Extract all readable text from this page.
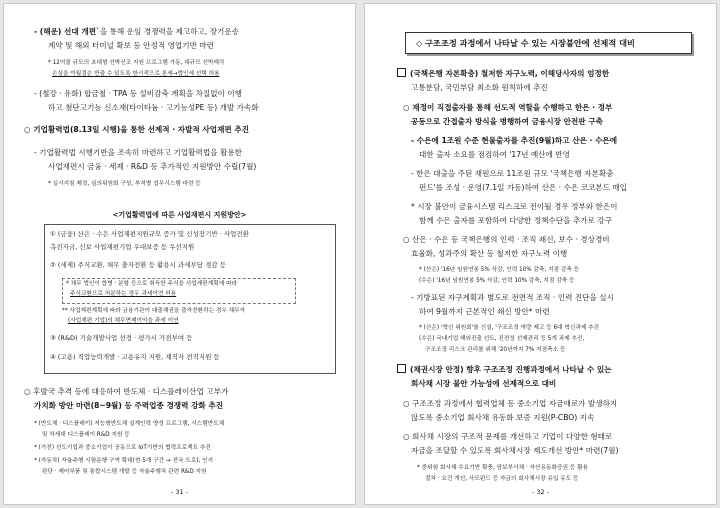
- (해운) 선대 개편`을 통해 운임 경쟁력을 제고하고, 장기운송
계약 및 해외 터미널 확보 등 안정적 영업기반 마련
* 12억불 규모의 초대형 선박신조 지원 프로그램 가동, 대규모 선박매각
손실을 이월결손 반출 수 있도록 한시적으로 론세→법인세 선택 허용
- (철강 · 유화) 합금철 · TPA 등 설비감축 계획을 차질없이 이행
하고 첨단고기능 신소재(타이타늄 · 고기능성PE 등) 개발 가속화
○ 기업활력법(8.13일 시행)을 통한 선제적 · 자발적 사업재편 추진
- 기업활력법 시행기반을 조속히 마련하고 기업활력법을 활용한
사업재편시 금융 · 세제 · R&D 등 추가적인 지원방안 수립(7월)
* 실시지침 제정, 심의위원회 구성, 부처별 업무시스템 마련 등
<기업활력법에 따른 사업재편시 지원방안>
① (금융) 산은 · 수은 사업재편지원규모 증가 및 신성장기반 · 사업전환
촉진자금, 신보 사업재편기업 우대보증 등 우선지원
② (세제) 주식교환, 채무 출자전환 등 활용시 과세부담 경감 등
* 채무 법인이 합병 · 분할 등으로 취득한 주식을 사업재편계획에 따라
주식교환으로 처분하는 경우 과세이연 허용
** 사업재편계획에 따라 금융기관이 대출채권을 출자전환하는 경우 채무자
(사업재편 기업)의 채무면제이익을 과세 이연
③ (R&D) 기술개발사업 선정 · 평가시 가점부여 등
④ (고용) 직업능력개발 · 고용유지 지원, 재직자 전직지원 등
○ 후발국 추격 등에 대응하여 반도체 · 디스플레이산업 고부가
가치화 방안 마련(8~9월) 등 주력업종 경쟁력 강화 추진
* (반도체 · 디스플레이) 저능형반도체 설계인력 양성 프로그램, 시스템반도체
및 차세대 디스플레이 R&D 지원 등
* (가전) 선도기업과 중소기업이 공동으로 IoT기반의 협력프로젝트 추진
* (자동차) 자율주행 시험운행 구역 확대(현 5개 구간 → 전국 도로), 인지 ·
판단 · 제어부품 및 통합시스템 개발 등 자율주행차 관련 R&D 지원
- 31 -
◇ 구조조정 과정에서 나타날 수 있는 시장불안에 선제적 대비
(국책은행 자본확충) 철저한 자구노력, 이해당사자의 엄정한
고통분담, 국민부담 최소화 원칙하에 추진
○ 재정이 직접출자를 통해 선도적 역할을 수행하고 한은 · 정부
공동으로 간접출자 방식을 병행하여 금융시장 안전판 구축
- 수은에 1조원 수준 현물출자를 추진(9월)하고 산은 · 수은에
대한 출자 소요를 점검하여 '17년 예산에 반영
- 한은 대출을 주된 재원으로 11조원 규모 '국책은행 자본확충
펀드'를 조성 · 운영(7.1일 가동)하여 산은 · 수은 코코본드 매입
* 시장 불안이 금융시스템 리스크로 전이될 경우 정부와 한은이
함께 수은 출자를 포함하여 다양한 정책수단을 추가로 강구
○ 산은 · 수은 등 국책은행의 인력 · 조직 쇄신, 보수 · 경상경비
효율화, 성과주의 확산 등 철저한 자구노력 이행
* (산은) '16년 임원연봉 5% 삭감, 인력 10% 감축, 지점 감축 등
(수은) '16년 임원연봉 5% 삭감, 인력 10% 감축, 지점 감축 등
- 기방표된 자구계획과 별도로 전면적 조직 · 인력 진단을 실시
하여 9월까지 근본적인 쇄신 방안* 마련
* (산은) '혁신 위원회'를 신설, '구조조정 역량 제고 등 6대 혁신과제 추진
(수은) 국내기업 해외진출 선도, 진전성 선제관리 등 5개 과제 추진,
구조조정 리스크 관리를 위해 '20년까지 7% 지점축소 등
(채권시장 안정) 향후 구조조정 진행과정에서 나타날 수 있는
회사채 시장 불안 가능성에 선제적으로 대비
○ 구조조정 과정에서 협력업체 등 중소기업 자금애로가 발생하지
않도록 중소기업 회사채 유동화 보증 지원(P-CBO) 지속
○ 회사채 시장의 구조적 문제를 개선하고 기업이 다양한 형태로
자금을 조달할 수 있도록 회사채시장 제도개선 방안* 마련(7월)
* 중위험 회사채 수요기반 확충, 담보부사채 · 자산유동화증권 등 활용
절차 · 요건 개선, 사모펀드 등 자금의 회사채시장 유입 유도 등
- 32 -
